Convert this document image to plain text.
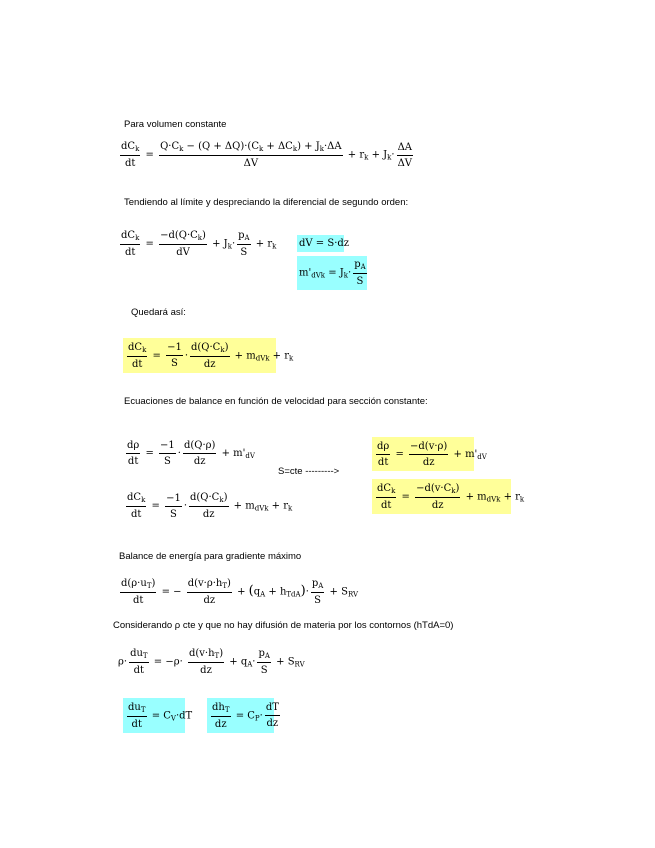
Para volumen constante
Tendiendo al límite y despreciando la diferencial de segundo orden:
Quedará así:
Ecuaciones de balance en función de velocidad para sección constante:
S=cte --------->
Balance de energía para gradiente máximo
Considerando ρ cte y que no hay difusión de materia por los contornos (hTdA=0)
$dC_k$
dt
=
$Q\cdot C_k - (Q + \Delta Q)\cdot(C_k + \Delta C_k) + J_k\cdot\Delta A$
ΔV
+ $r_k + J_k\cdot \frac{\Delta A}{\Delta V}$
$dC_k$
dt
= $\frac{-d(Q\cdot C_k)}{dV} + J_k\cdot \frac{p_A}{S} + r_k$ dV = S·dz
$m'_{dVk} = J_k\cdot \frac{p_A}{S}$
$dC_k$
dt
= $\frac{-1}{S} \cdot \frac{d(Q\cdot C_k)}{dz} + m_{dVk} + r_k$
$\frac{d\rho}{dt} = \frac{-1}{S} \cdot \frac{d(Q\cdot\rho)}{dz} + m'_{dV}$
$dC_k$
dt
= $\frac{-1}{S} \cdot \frac{d(Q\cdot C_k)}{dz} + m_{dVk} + r_k$
$\frac{d\rho}{dt} = \frac{-d(v\cdot\rho)}{dz} + m'_{dV}$
$dC_k$
dt
= $\frac{-d(v\cdot C_k)}{dz} + m_{dVk} + r_k$
$\frac{d(\rho\cdot u_T)}{dt}$ = − $\frac{d(v\cdot\rho\cdot h_T)}{dz} + (q_A + h_{TdA})\cdot \frac{p_A}{S} + S_{RV}$
ρ·
$du_T$
dt
= $-\rho\cdot \frac{d(v\cdot h_T)}{dz} + q_A\cdot \frac{p_A}{S} + S_{RV}$
$du_T$
dt
= $C_V\cdot dT$
$dh_T$
dz
= $C_P\cdot \frac{dT}{dz}$
